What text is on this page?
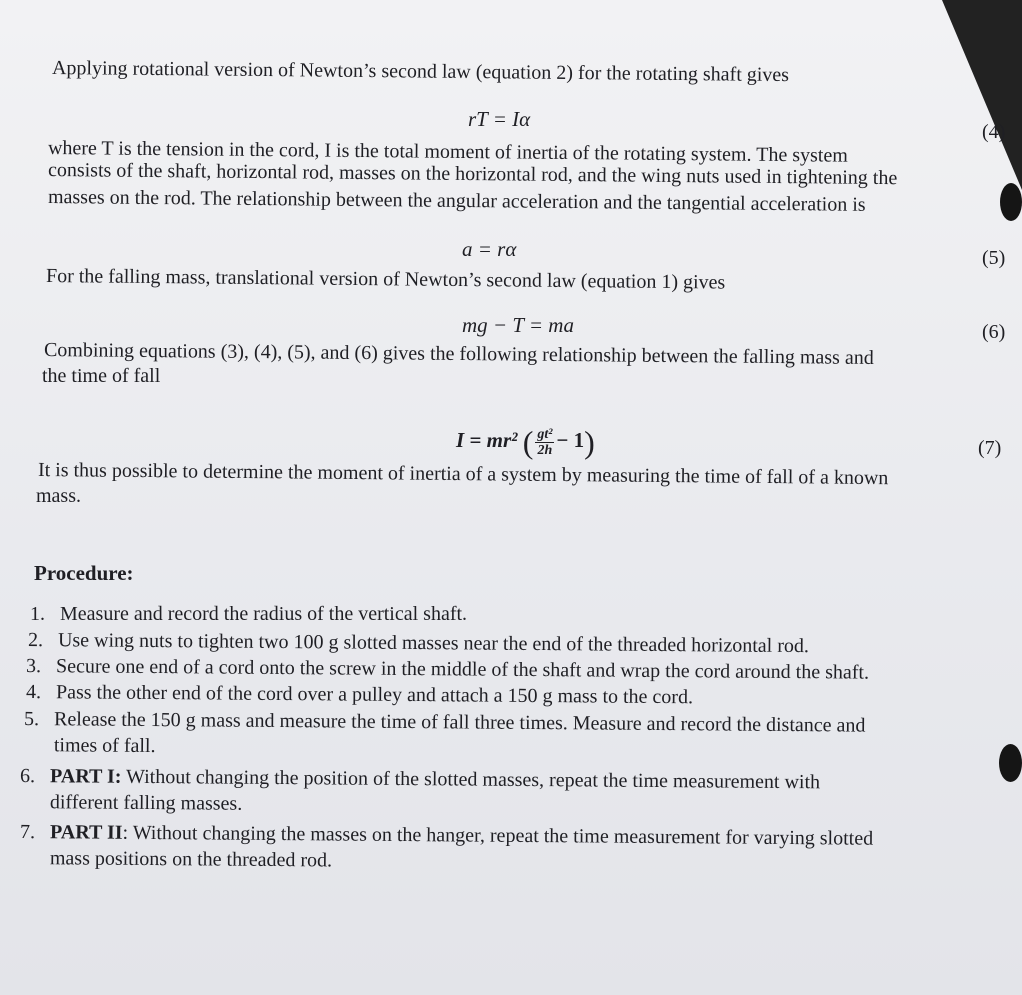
Applying rotational version of Newton’s second law (equation 2) for the rotating shaft gives
rT = Iα
(4)
where T is the tension in the cord, I is the total moment of inertia of the rotating system. The system
consists of the shaft, horizontal rod, masses on the horizontal rod, and the wing nuts used in tightening the
masses on the rod. The relationship between the angular acceleration and the tangential acceleration is
a = rα	(5)
For the falling mass, translational version of Newton’s second law (equation 1) gives
mg − T = ma	(6)
Combining equations (3), (4), (5), and (6) gives the following relationship between the falling mass and
the time of fall
I = mr² ( $\frac{\text{gt²}}{2h} - 1$)	(7)
It is thus possible to determine the moment of inertia of a system by measuring the time of fall of a known
mass.
Procedure:
1. Measure and record the radius of the vertical shaft.
2. Use wing nuts to tighten two 100 g slotted masses near the end of the threaded horizontal rod.
3. Secure one end of a cord onto the screw in the middle of the shaft and wrap the cord around the shaft.
4. Pass the other end of the cord over a pulley and attach a 150 g mass to the cord.
5. Release the 150 g mass and measure the time of fall three times. Measure and record the distance and
times of fall.
6. PART I: Without changing the position of the slotted masses, repeat the time measurement with
different falling masses.
7. PART II: Without changing the masses on the hanger, repeat the time measurement for varying slotted
mass positions on the threaded rod.
